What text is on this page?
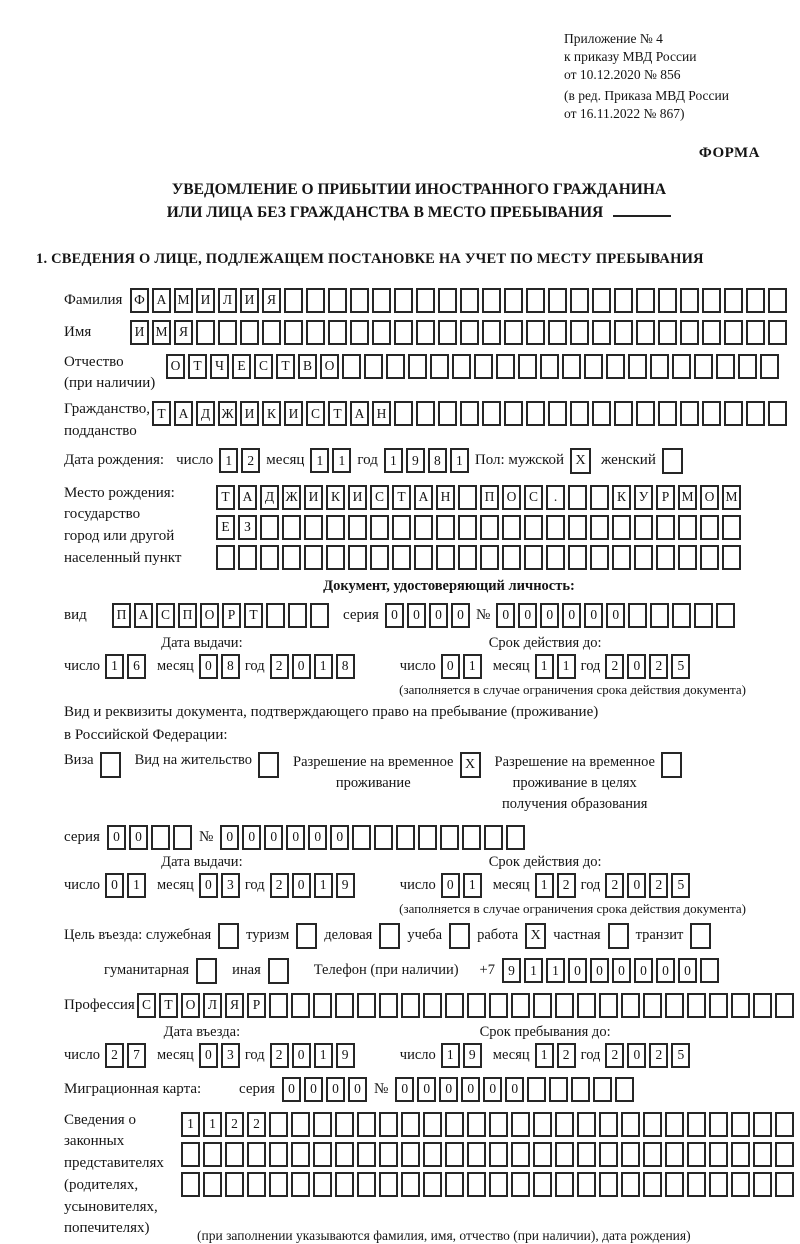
Приложение № 4
к приказу МВД России
от 10.12.2020 № 856
(в ред. Приказа МВД России
от 16.11.2022 № 867)
ФОРМА
УВЕДОМЛЕНИЕ О ПРИБЫТИИ ИНОСТРАННОГО ГРАЖДАНИНА
ИЛИ ЛИЦА БЕЗ ГРАЖДАНСТВА В МЕСТО ПРЕБЫВАНИЯ
1. СВЕДЕНИЯ О ЛИЦЕ, ПОДЛЕЖАЩЕМ ПОСТАНОВКЕ НА УЧЕТ ПО МЕСТУ ПРЕБЫВАНИЯ
Фамилия Ф А М И Л И Я
Имя	И М Я
Отчество
(при наличии)
О Т Ч Е С Т В О
Гражданство,
подданство
Т А Д Ж И К И С Т А Н
Дата рождения: число 1	2 месяц 1	1 год 1	9	8	1 Пол: мужской X	женский
Место рождения:
государство
город или другой
населенный пункт
Т А Д Ж И К И С Т А Н	П О С	.	К У Р М О М
Е	З
Документ, удостоверяющий личность:
вид	П А С П О Р	Т	серия 0	0	0	0 № 0	0	0	0	0	0
Дата выдачи:
число 1	6	месяц 0	8 год 2	0	1	8
Срок действия до:
число 0	1	месяц 1	1 год 2	0	2	5
(заполняется в случае ограничения срока действия документа)
Вид и реквизиты документа, подтверждающего право на пребывание (проживание)
в Российской Федерации:
Виза	Вид на жительство	Разрешение на временное
проживание
X	Разрешение на временное
проживание в целях
получения образования
серия 0	0	№ 0	0	0	0	0	0
Дата выдачи:
число 0	1	месяц 0	3 год 2	0	1	9
Срок действия до:
число 0	1	месяц 1	2 год 2	0	2	5
(заполняется в случае ограничения срока действия документа)
Цель въезда: служебная туризм деловая учеба работа X частная транзит
гуманитарная	иная	Телефон (при наличии) +7 9	1	1	0	0	0	0	0	0
Профессия С Т О Л Я	Р
Дата въезда:
число 2	7	месяц 0	3 год 2	0	1	9
Срок пребывания до:
число 1	9	месяц 1	2 год 2	0	2	5
Миграционная карта:	серия 0	0	0	0 № 0	0	0	0	0	0
Сведения о
законных
представителях
(родителях,
усыновителях,
попечителях)
1	1	2	2
(при заполнении указываются фамилия, имя, отчество (при наличии), дата рождения)
